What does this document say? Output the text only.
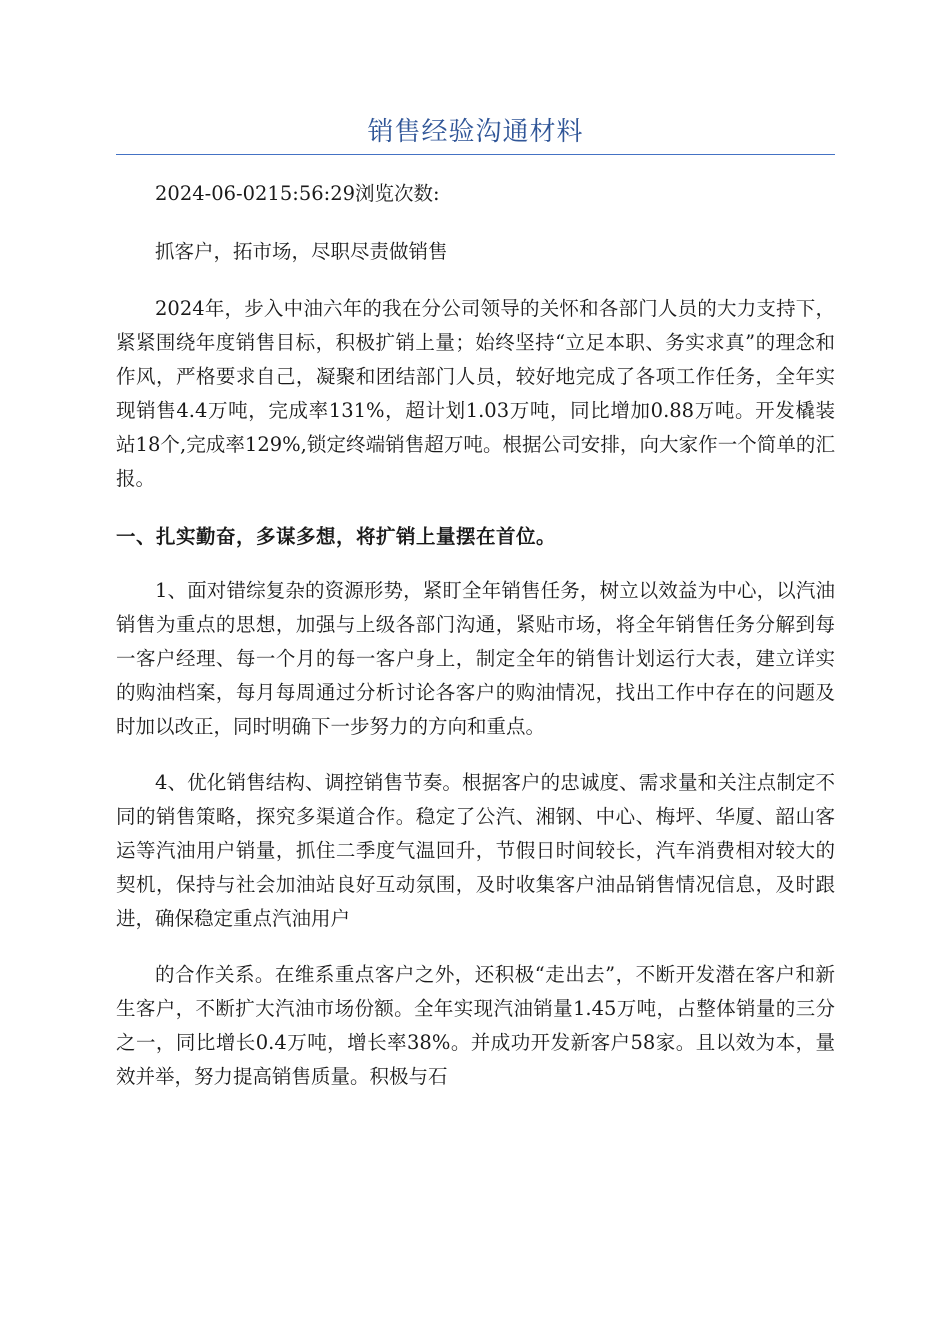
销售经验沟通材料

2024-06-0215:56:29浏览次数:

抓客户，拓市场，尽职尽责做销售

2024年，步入中油六年的我在分公司领导的关怀和各部门人员的大力支持下，紧紧围绕年度销售目标，积极扩销上量；始终坚持“立足本职、务实求真”的理念和作风，严格要求自己，凝聚和团结部门人员，较好地完成了各项工作任务，全年实现销售4.4万吨，完成率131%，超计划1.03万吨，同比增加0.88万吨。开发橇装站18个,完成率129%,锁定终端销售超万吨。根据公司安排，向大家作一个简单的汇报。

一、扎实勤奋，多谋多想，将扩销上量摆在首位。

1、面对错综复杂的资源形势，紧盯全年销售任务，树立以效益为中心，以汽油销售为重点的思想，加强与上级各部门沟通，紧贴市场，将全年销售任务分解到每一客户经理、每一个月的每一客户身上，制定全年的销售计划运行大表，建立详实的购油档案，每月每周通过分析讨论各客户的购油情况，找出工作中存在的问题及时加以改正，同时明确下一步努力的方向和重点。

4、优化销售结构、调控销售节奏。根据客户的忠诚度、需求量和关注点制定不同的销售策略，探究多渠道合作。稳定了公汽、湘钢、中心、梅坪、华厦、韶山客运等汽油用户销量，抓住二季度气温回升，节假日时间较长，汽车消费相对较大的契机，保持与社会加油站良好互动氛围，及时收集客户油品销售情况信息，及时跟进，确保稳定重点汽油用户

的合作关系。在维系重点客户之外，还积极“走出去”，不断开发潜在客户和新生客户，不断扩大汽油市场份额。全年实现汽油销量1.45万吨，占整体销量的三分之一，同比增长0.4万吨，增长率38%。并成功开发新客户58家。且以效为本，量效并举，努力提高销售质量。积极与石
